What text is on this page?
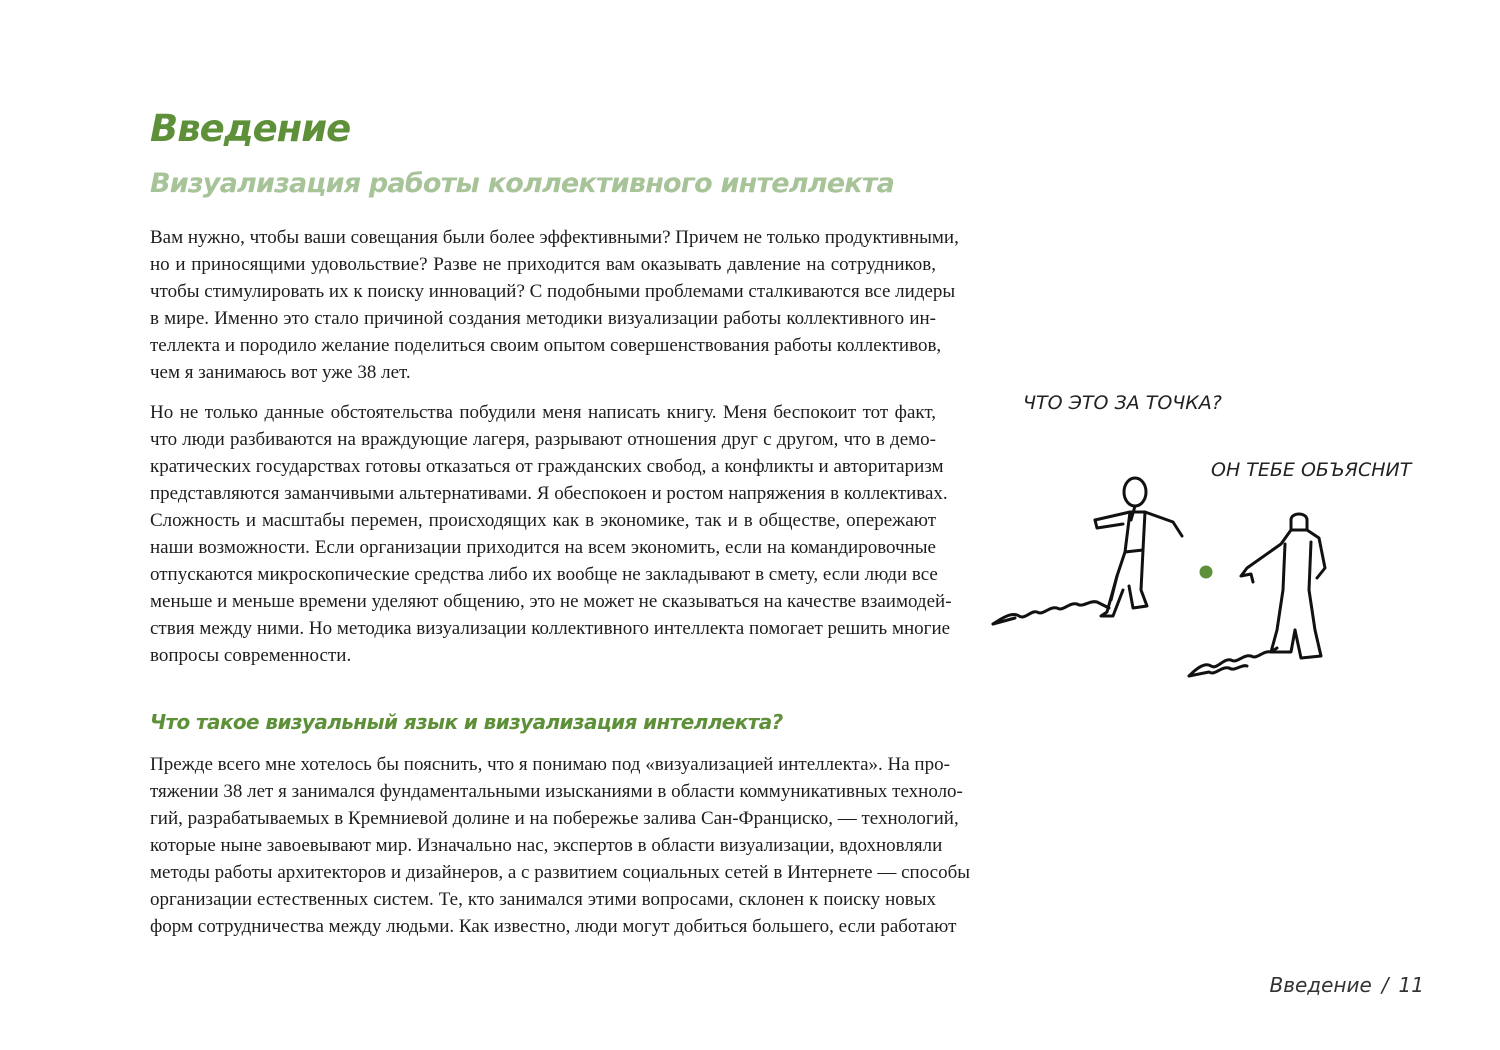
Введение
Визуализация работы коллективного интеллекта
Вам нужно, чтобы ваши совещания были более эффективными? Причем не только продуктивными,
но и приносящими удовольствие? Разве не приходится вам оказывать давление на сотрудников,
чтобы стимулировать их к поиску инноваций? С подобными проблемами сталкиваются все лидеры
в мире. Именно это стало причиной создания методики визуализации работы коллективного ин-
теллекта и породило желание поделиться своим опытом совершенствования работы коллективов,
чем я занимаюсь вот уже 38 лет.
Но не только данные обстоятельства побудили меня написать книгу. Меня беспокоит тот факт,
что люди разбиваются на враждующие лагеря, разрывают отношения друг с другом, что в демо-
кратических государствах готовы отказаться от гражданских свобод, а конфликты и авторитаризм
представляются заманчивыми альтернативами. Я обеспокоен и ростом напряжения в коллективах.
Сложность и масштабы перемен, происходящих как в экономике, так и в обществе, опережают
наши возможности. Если организации приходится на всем экономить, если на командировочные
отпускаются микроскопические средства либо их вообще не закладывают в смету, если люди все
меньше и меньше времени уделяют общению, это не может не сказываться на качестве взаимодей-
ствия между ними. Но методика визуализации коллективного интеллекта помогает решить многие
вопросы современности.
Что такое визуальный язык и визуализация интеллекта?
Прежде всего мне хотелось бы пояснить, что я понимаю под «визуализацией интеллекта». На про-
тяжении 38 лет я занимался фундаментальными изысканиями в области коммуникативных техноло-
гий, разрабатываемых в Кремниевой долине и на побережье залива Сан-Франциско, — технологий,
которые ныне завоевывают мир. Изначально нас, экспертов в области визуализации, вдохновляли
методы работы архитекторов и дизайнеров, а с развитием социальных сетей в Интернете — способы
организации естественных систем. Те, кто занимался этими вопросами, склонен к поиску новых
форм сотрудничества между людьми. Как известно, люди могут добиться большего, если работают
ЧТО ЭТО ЗА ТОЧКА?
ОН ТЕБЕ ОБЪЯСНИТ
Введение / 11
